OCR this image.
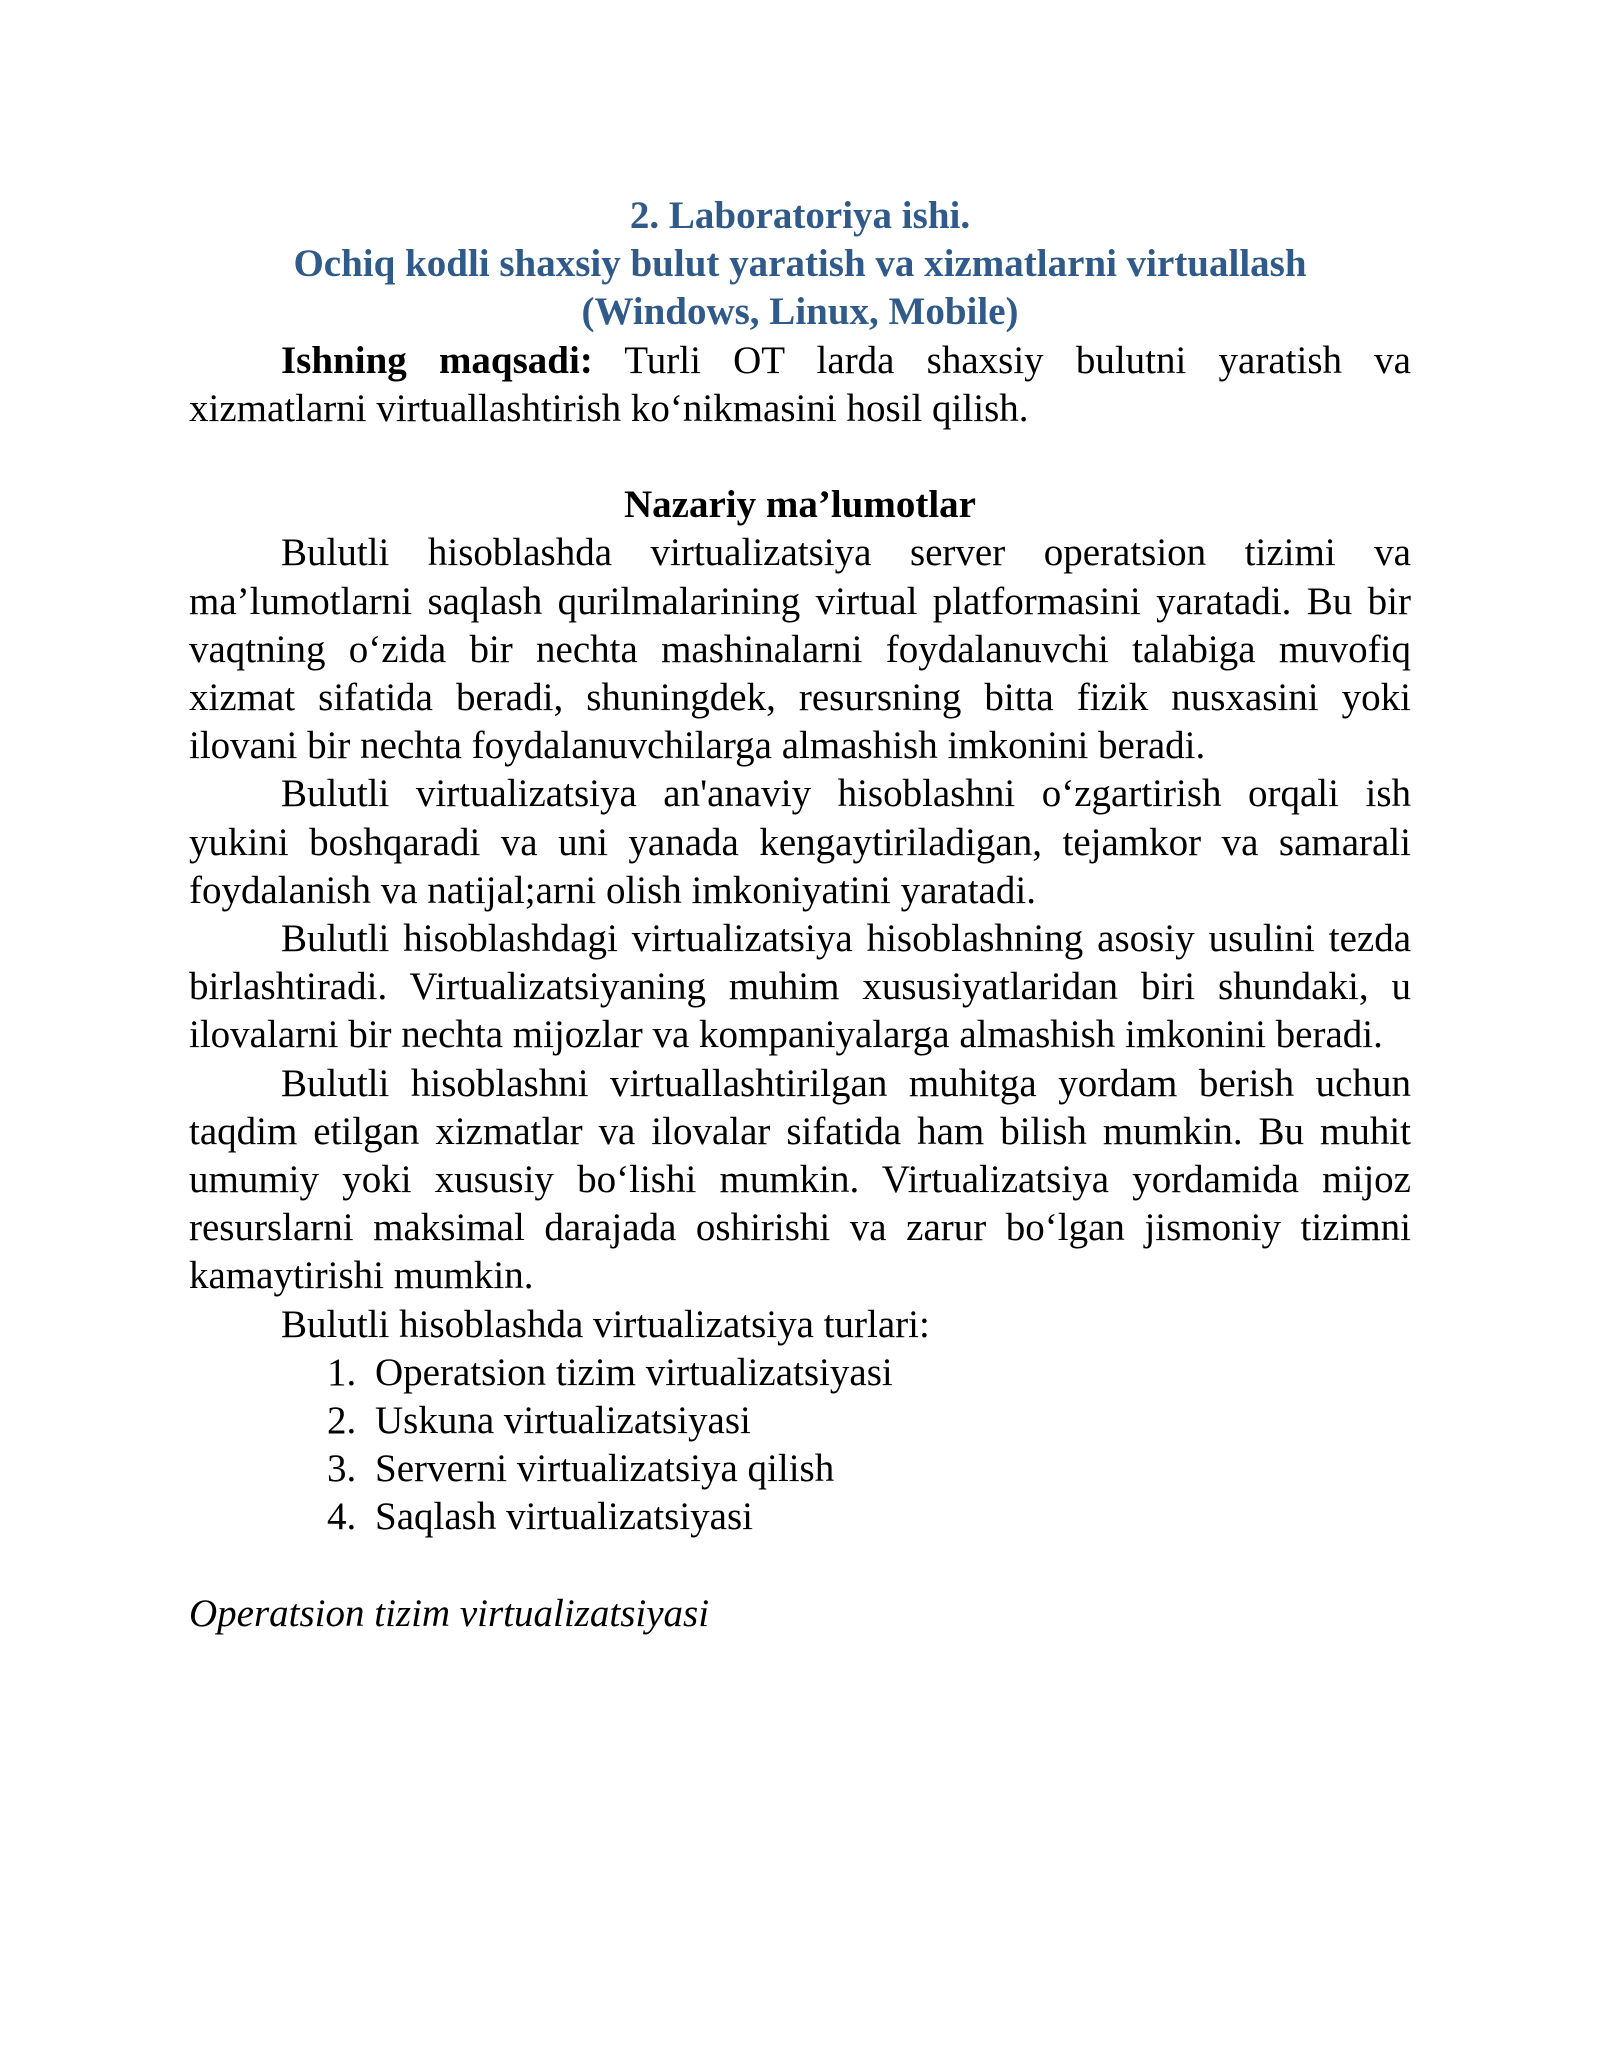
2. Laboratoriya ishi.

Ochiq kodli shaxsiy bulut yaratish va xizmatlarni virtuallash

(Windows, Linux, Mobile)

Ishning maqsadi: Turli OT larda shaxsiy bulutni yaratish va xizmatlarni virtuallashtirish ko‘nikmasini hosil qilish.

Nazariy ma’lumotlar

Bulutli hisoblashda virtualizatsiya server operatsion tizimi va ma’lumotlarni saqlash qurilmalarining virtual platformasini yaratadi. Bu bir vaqtning o‘zida bir nechta mashinalarni foydalanuvchi talabiga muvofiq xizmat sifatida beradi, shuningdek, resursning bitta fizik nusxasini yoki ilovani bir nechta foydalanuvchilarga almashish imkonini beradi.

Bulutli virtualizatsiya an'anaviy hisoblashni o‘zgartirish orqali ish yukini boshqaradi va uni yanada kengaytiriladigan, tejamkor va samarali foydalanish va natijal;arni olish imkoniyatini yaratadi.

Bulutli hisoblashdagi virtualizatsiya hisoblashning asosiy usulini tezda birlashtiradi. Virtualizatsiyaning muhim xususiyatlaridan biri shundaki, u ilovalarni bir nechta mijozlar va kompaniyalarga almashish imkonini beradi.

Bulutli hisoblashni virtuallashtirilgan muhitga yordam berish uchun taqdim etilgan xizmatlar va ilovalar sifatida ham bilish mumkin. Bu muhit umumiy yoki xususiy bo‘lishi mumkin. Virtualizatsiya yordamida mijoz resurslarni maksimal darajada oshirishi va zarur bo‘lgan jismoniy tizimni kamaytirishi mumkin.

Bulutli hisoblashda virtualizatsiya turlari:

1. Operatsion tizim virtualizatsiyasi
2. Uskuna virtualizatsiyasi
3. Serverni virtualizatsiya qilish
4. Saqlash virtualizatsiyasi

Operatsion tizim virtualizatsiyasi
